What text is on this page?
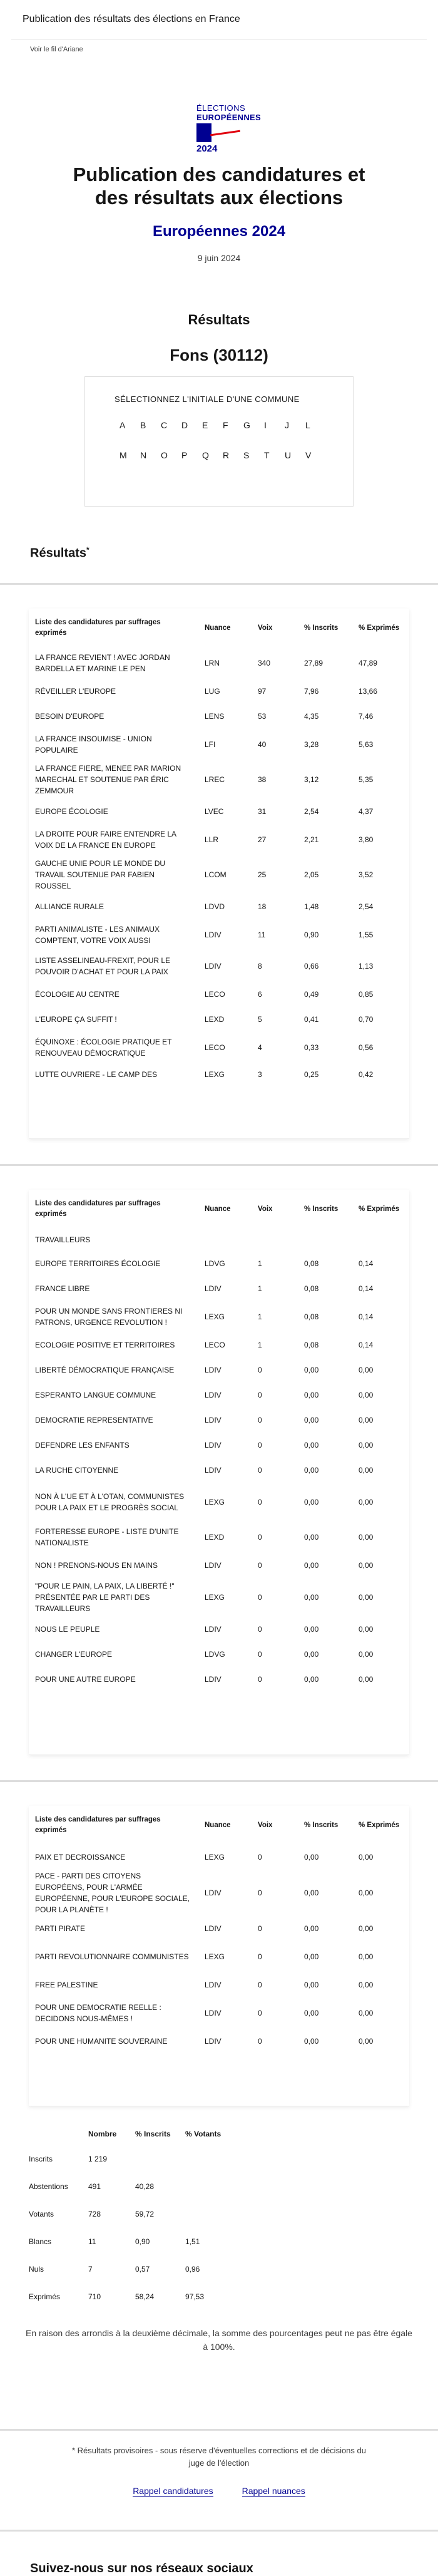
Publication des résultats des élections en France
Voir le fil d'Ariane
ÉLECTIONS
EUROPÉENNES
2024
Publication des candidatures et des résultats aux élections
Européennes 2024
9 juin 2024
Résultats
Fons (30112)
SÉLECTIONNEZ L'INITIALE D'UNE COMMUNE
A	B	C	D	E	F	G	I	J	L
M	N	O	P	Q	R	S	T	U	V
Résultats*
Liste des candidatures par suffrages exprimés	Nuance	Voix	% Inscrits	% Exprimés
LA FRANCE REVIENT ! AVEC JORDAN BARDELLA ET MARINE LE PEN	LRN	340	27,89	47,89
RÉVEILLER L'EUROPE	LUG	97	7,96	13,66
BESOIN D'EUROPE	LENS	53	4,35	7,46
LA FRANCE INSOUMISE - UNION POPULAIRE	LFI	40	3,28	5,63
LA FRANCE FIERE, MENEE PAR MARION MARECHAL ET SOUTENUE PAR ÉRIC ZEMMOUR	LREC	38	3,12	5,35
EUROPE ÉCOLOGIE	LVEC	31	2,54	4,37
LA DROITE POUR FAIRE ENTENDRE LA VOIX DE LA FRANCE EN EUROPE	LLR	27	2,21	3,80
GAUCHE UNIE POUR LE MONDE DU TRAVAIL SOUTENUE PAR FABIEN ROUSSEL	LCOM	25	2,05	3,52
ALLIANCE RURALE	LDVD	18	1,48	2,54
PARTI ANIMALISTE - LES ANIMAUX COMPTENT, VOTRE VOIX AUSSI	LDIV	11	0,90	1,55
LISTE ASSELINEAU-FREXIT, POUR LE POUVOIR D'ACHAT ET POUR LA PAIX	LDIV	8	0,66	1,13
ÉCOLOGIE AU CENTRE	LECO	6	0,49	0,85
L'EUROPE ÇA SUFFIT !	LEXD	5	0,41	0,70
ÉQUINOXE : ÉCOLOGIE PRATIQUE ET RENOUVEAU DÉMOCRATIQUE	LECO	4	0,33	0,56
LUTTE OUVRIERE - LE CAMP DES	LEXG	3	0,25	0,42
Liste des candidatures par suffrages exprimés	Nuance	Voix	% Inscrits	% Exprimés
TRAVAILLEURS				
EUROPE TERRITOIRES ÉCOLOGIE	LDVG	1	0,08	0,14
FRANCE LIBRE	LDIV	1	0,08	0,14
POUR UN MONDE SANS FRONTIERES NI PATRONS, URGENCE REVOLUTION !	LEXG	1	0,08	0,14
ECOLOGIE POSITIVE ET TERRITOIRES	LECO	1	0,08	0,14
LIBERTÉ DÉMOCRATIQUE FRANÇAISE	LDIV	0	0,00	0,00
ESPERANTO LANGUE COMMUNE	LDIV	0	0,00	0,00
DEMOCRATIE REPRESENTATIVE	LDIV	0	0,00	0,00
DEFENDRE LES ENFANTS	LDIV	0	0,00	0,00
LA RUCHE CITOYENNE	LDIV	0	0,00	0,00
NON À L'UE ET À L'OTAN, COMMUNISTES POUR LA PAIX ET LE PROGRÈS SOCIAL	LEXG	0	0,00	0,00
FORTERESSE EUROPE - LISTE D'UNITE NATIONALISTE	LEXD	0	0,00	0,00
NON ! PRENONS-NOUS EN MAINS	LDIV	0	0,00	0,00
"POUR LE PAIN, LA PAIX, LA LIBERTÉ !" PRÉSENTÉE PAR LE PARTI DES TRAVAILLEURS	LEXG	0	0,00	0,00
NOUS LE PEUPLE	LDIV	0	0,00	0,00
CHANGER L'EUROPE	LDVG	0	0,00	0,00
POUR UNE AUTRE EUROPE	LDIV	0	0,00	0,00
Liste des candidatures par suffrages exprimés	Nuance	Voix	% Inscrits	% Exprimés
PAIX ET DECROISSANCE	LEXG	0	0,00	0,00
PACE - PARTI DES CITOYENS EUROPÉENS, POUR L'ARMÉE EUROPÉENNE, POUR L'EUROPE SOCIALE, POUR LA PLANÈTE !	LDIV	0	0,00	0,00
PARTI PIRATE	LDIV	0	0,00	0,00
PARTI REVOLUTIONNAIRE COMMUNISTES	LEXG	0	0,00	0,00
FREE PALESTINE	LDIV	0	0,00	0,00
POUR UNE DEMOCRATIE REELLE : DECIDONS NOUS-MÊMES !	LDIV	0	0,00	0,00
POUR UNE HUMANITE SOUVERAINE	LDIV	0	0,00	0,00
	Nombre	% Inscrits	% Votants
Inscrits	1 219		
Abstentions	491	40,28	
Votants	728	59,72	
Blancs	11	0,90	1,51
Nuls	7	0,57	0,96
Exprimés	710	58,24	97,53
En raison des arrondis à la deuxième décimale, la somme des pourcentages peut ne pas être égale à 100%.
* Résultats provisoires - sous réserve d'éventuelles corrections et de décisions du juge de l'élection
Rappel candidatures	Rappel nuances
Suivez-nous sur nos réseaux sociaux
